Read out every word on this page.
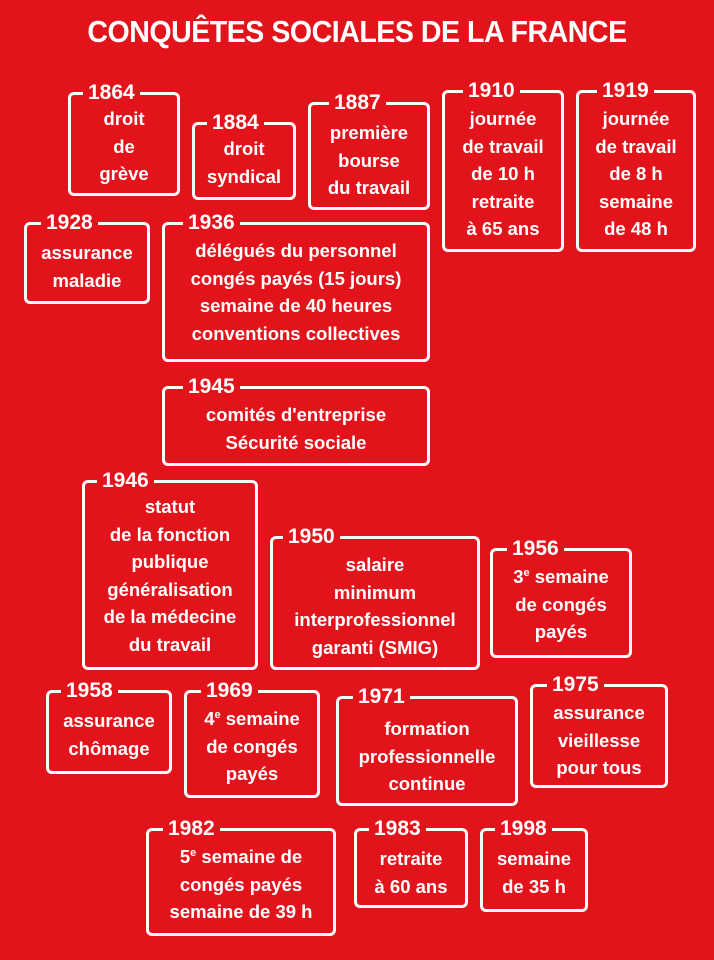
CONQUÊTES SOCIALES DE LA FRANCE
1864
droit
de
grève
1884
droit
syndical
1887
première
bourse
du travail
1910
journée
de travail
de 10 h
retraite
à 65 ans
1919
journée
de travail
de 8 h
semaine
de 48 h
1928
assurance
maladie
1936
délégués du personnel
congés payés (15 jours)
semaine de 40 heures
conventions collectives
1945
comités d'entreprise
Sécurité sociale
1946
statut
de la fonction
publique
généralisation
de la médecine
du travail
1950
salaire
minimum
interprofessionnel
garanti (SMIG)
1956
3e semaine
de congés
payés
1958
assurance
chômage
1969
4e semaine
de congés
payés
1971
formation
professionnelle
continue
1975
assurance
vieillesse
pour tous
1982
5e semaine de
congés payés
semaine de 39 h
1983
retraite
à 60 ans
1998
semaine
de 35 h
